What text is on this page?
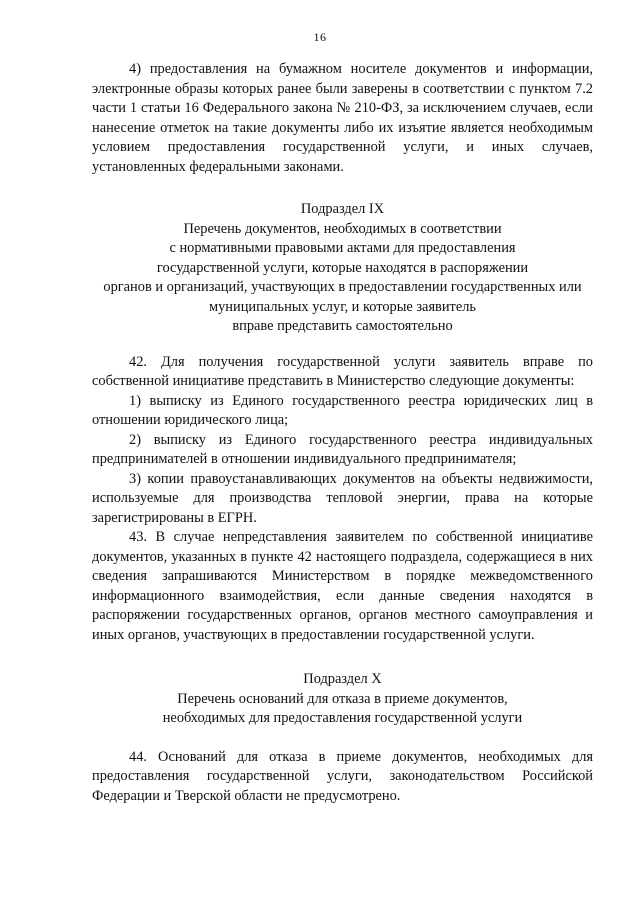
16

4) предоставления на бумажном носителе документов и информации, электронные образы которых ранее были заверены в соответствии с пунктом 7.2 части 1 статьи 16 Федерального закона № 210-ФЗ, за исключением случаев, если нанесение отметок на такие документы либо их изъятие является необходимым условием предоставления государственной услуги, и иных случаев, установленных федеральными законами.

Подраздел IX
Перечень документов, необходимых в соответствии
с нормативными правовыми актами для предоставления
государственной услуги, которые находятся в распоряжении
органов и организаций, участвующих в предоставлении государственных или
муниципальных услуг, и которые заявитель
вправе представить самостоятельно

42. Для получения государственной услуги заявитель вправе по собственной инициативе представить в Министерство следующие документы:

1) выписку из Единого государственного реестра юридических лиц в отношении юридического лица;

2) выписку из Единого государственного реестра индивидуальных предпринимателей в отношении индивидуального предпринимателя;

3) копии правоустанавливающих документов на объекты недвижимости, используемые для производства тепловой энергии, права на которые зарегистрированы в ЕГРН.

43. В случае непредставления заявителем по собственной инициативе документов, указанных в пункте 42 настоящего подраздела, содержащиеся в них сведения запрашиваются Министерством в порядке межведомственного информационного взаимодействия, если данные сведения находятся в распоряжении государственных органов, органов местного самоуправления и иных органов, участвующих в предоставлении государственной услуги.

Подраздел X
Перечень оснований для отказа в приеме документов,
необходимых для предоставления государственной услуги

44. Оснований для отказа в приеме документов, необходимых для предоставления государственной услуги, законодательством Российской Федерации и Тверской области не предусмотрено.
